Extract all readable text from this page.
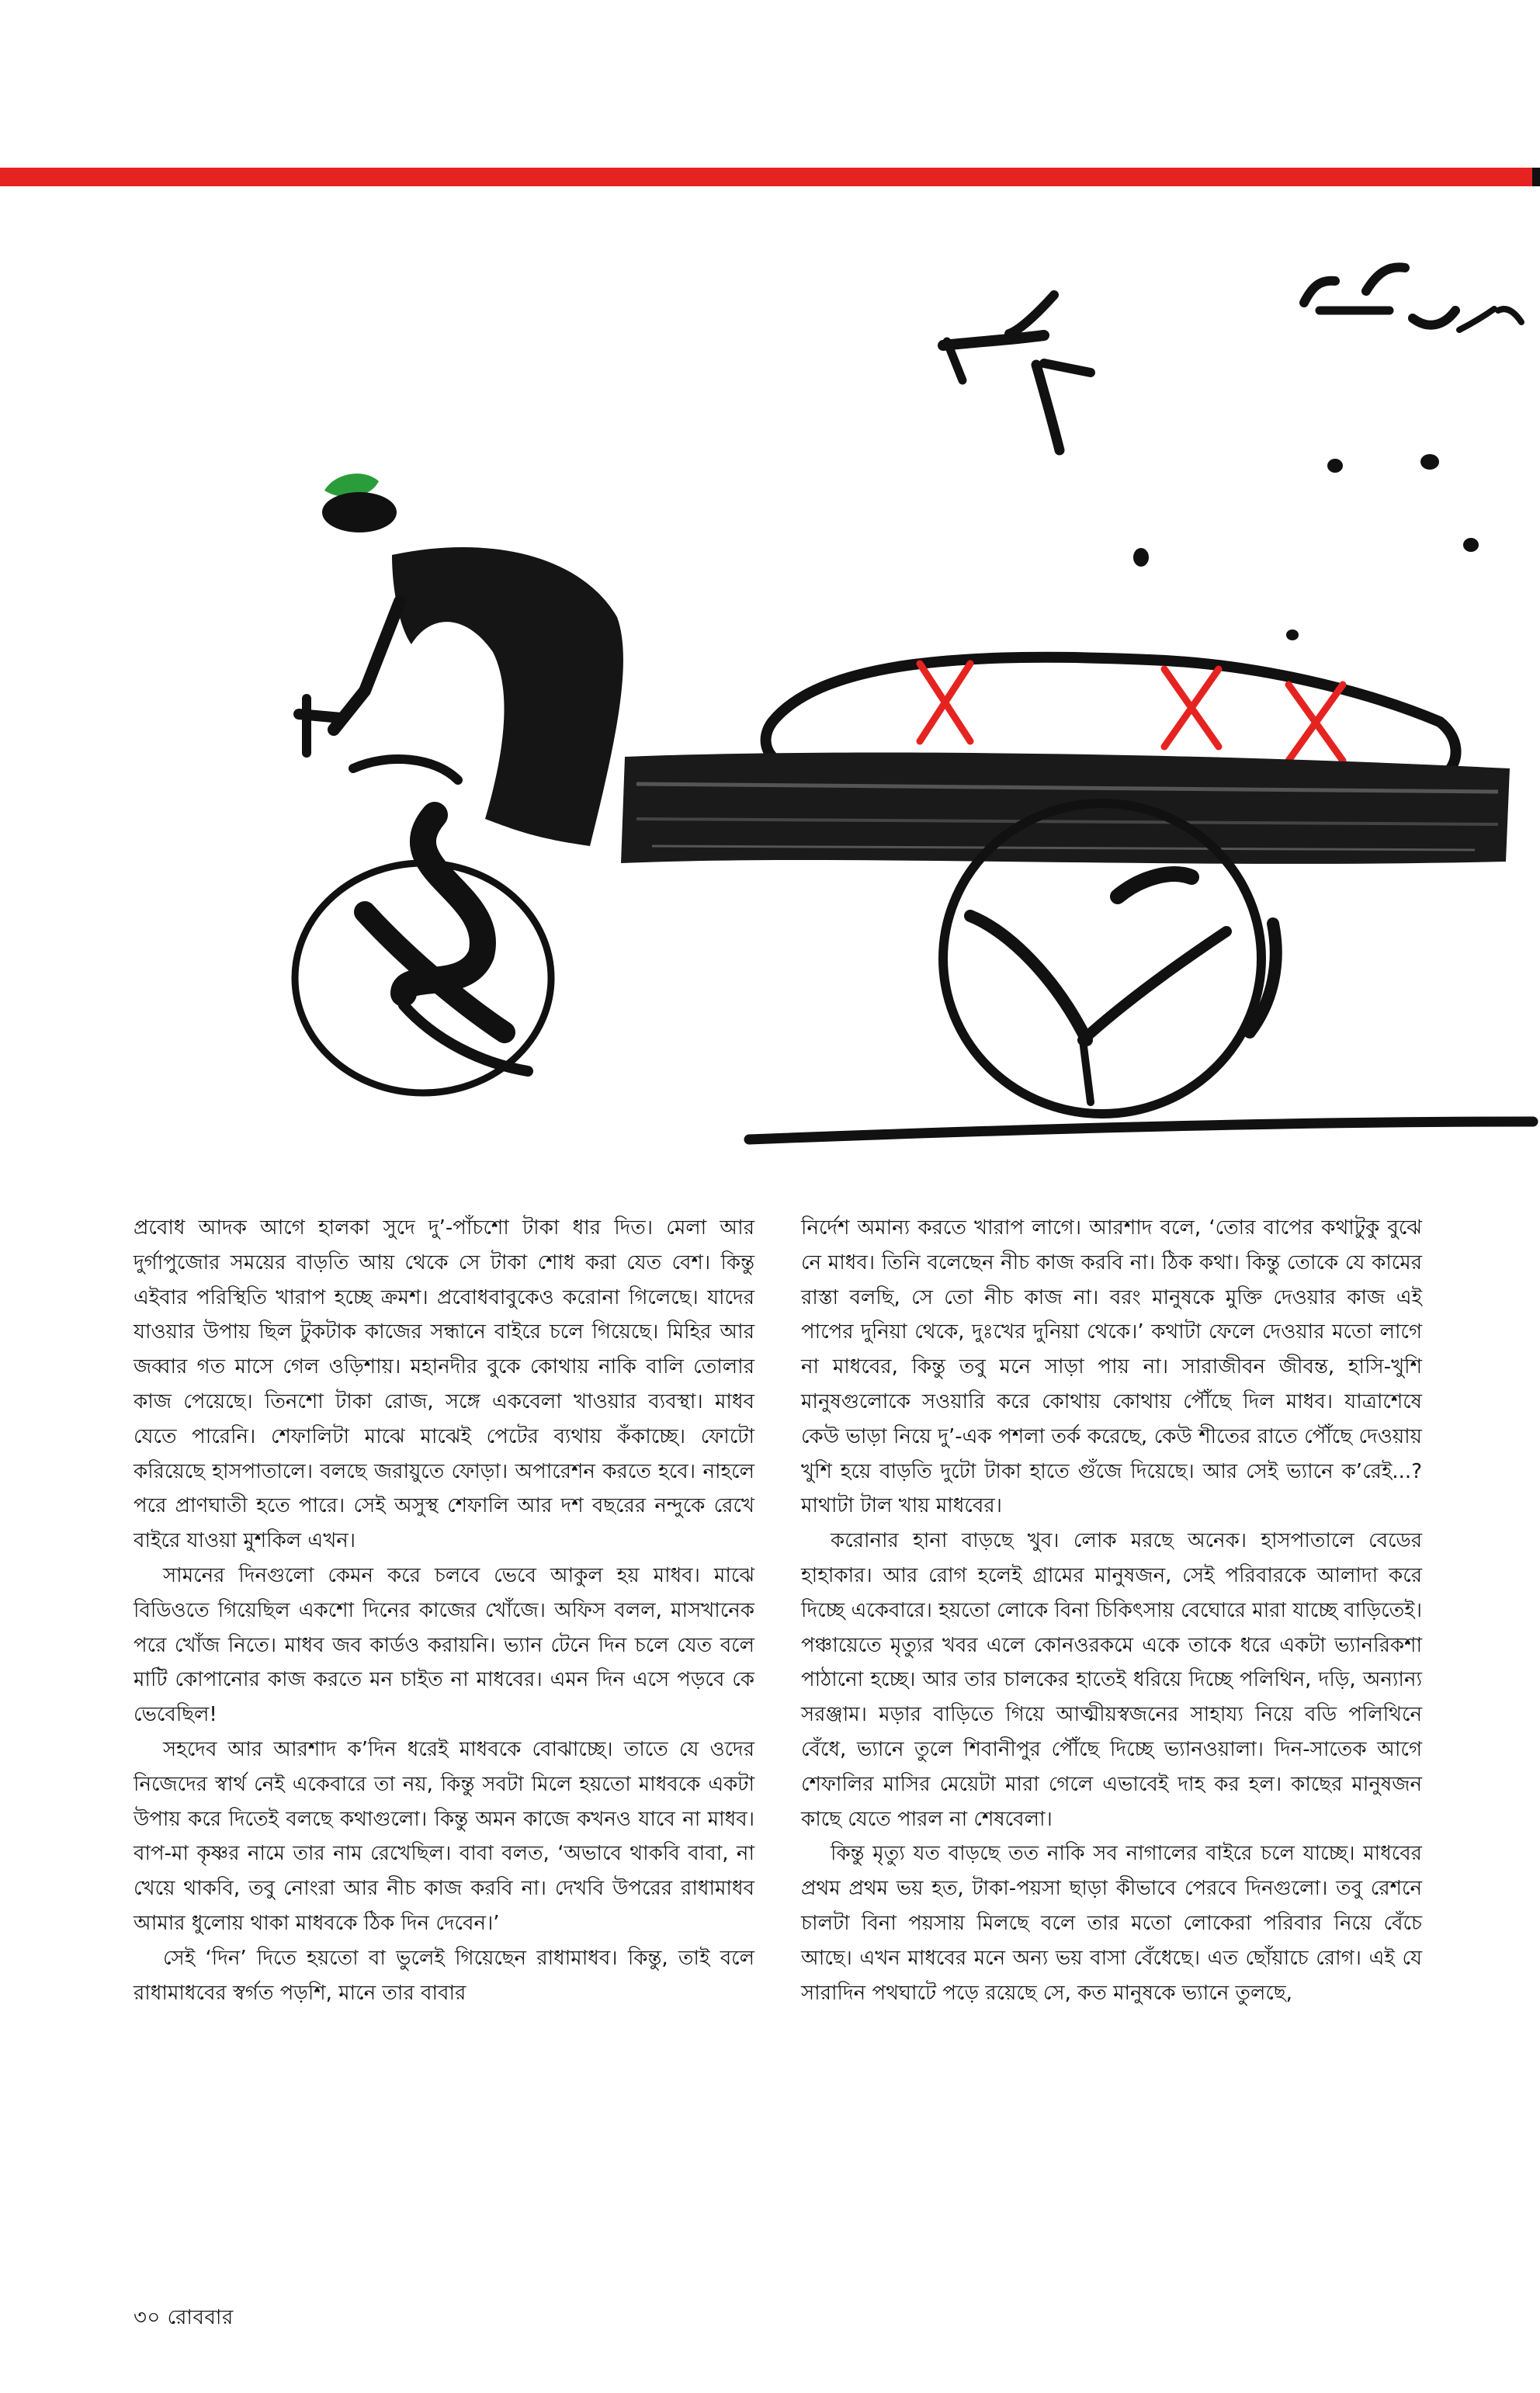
প্রবোধ আদক আগে হালকা সুদে দু’-পাঁচশো টাকা ধার দিত। মেলা আর দুর্গাপুজোর সময়ের বাড়তি আয় থেকে সে টাকা শোধ করা যেত বেশ। কিন্তু এইবার পরিস্থিতি খারাপ হচ্ছে ক্রমশ। প্রবোধবাবুকেও করোনা গিলেছে। যাদের যাওয়ার উপায় ছিল টুকটাক কাজের সন্ধানে বাইরে চলে গিয়েছে। মিহির আর জব্বার গত মাসে গেল ওড়িশায়। মহানদীর বুকে কোথায় নাকি বালি তোলার কাজ পেয়েছে। তিনশো টাকা রোজ, সঙ্গে একবেলা খাওয়ার ব্যবস্থা। মাধব যেতে পারেনি। শেফালিটা মাঝে মাঝেই পেটের ব্যথায় কঁকাচ্ছে। ফোটো করিয়েছে হাসপাতালে। বলছে জরায়ুতে ফোড়া। অপারেশন করতে হবে। নাহলে পরে প্রাণঘাতী হতে পারে। সেই অসুস্থ শেফালি আর দশ বছরের নন্দুকে রেখে বাইরে যাওয়া মুশকিল এখন।

সামনের দিনগুলো কেমন করে চলবে ভেবে আকুল হয় মাধব। মাঝে বিডিওতে গিয়েছিল একশো দিনের কাজের খোঁজে। অফিস বলল, মাসখানেক পরে খোঁজ নিতে। মাধব জব কার্ডও করায়নি। ভ্যান টেনে দিন চলে যেত বলে মাটি কোপানোর কাজ করতে মন চাইত না মাধবের। এমন দিন এসে পড়বে কে ভেবেছিল!

সহদেব আর আরশাদ ক’দিন ধরেই মাধবকে বোঝাচ্ছে। তাতে যে ওদের নিজেদের স্বার্থ নেই একেবারে তা নয়, কিন্তু সবটা মিলে হয়তো মাধবকে একটা উপায় করে দিতেই বলছে কথাগুলো। কিন্তু অমন কাজে কখনও যাবে না মাধব। বাপ-মা কৃষ্ণর নামে তার নাম রেখেছিল। বাবা বলত, ‘অভাবে থাকবি বাবা, না খেয়ে থাকবি, তবু নোংরা আর নীচ কাজ করবি না। দেখবি উপরের রাধামাধব আমার ধুলোয় থাকা মাধবকে ঠিক দিন দেবেন।’

সেই ‘দিন’ দিতে হয়তো বা ভুলেই গিয়েছেন রাধামাধব। কিন্তু, তাই বলে রাধামাধবের স্বর্গত পড়শি, মানে তার বাবার

নির্দেশ অমান্য করতে খারাপ লাগে। আরশাদ বলে, ‘তোর বাপের কথাটুকু বুঝে নে মাধব। তিনি বলেছেন নীচ কাজ করবি না। ঠিক কথা। কিন্তু তোকে যে কামের রাস্তা বলছি, সে তো নীচ কাজ না। বরং মানুষকে মুক্তি দেওয়ার কাজ এই পাপের দুনিয়া থেকে, দুঃখের দুনিয়া থেকে।’ কথাটা ফেলে দেওয়ার মতো লাগে না মাধবের, কিন্তু তবু মনে সাড়া পায় না। সারাজীবন জীবন্ত, হাসি-খুশি মানুষগুলোকে সওয়ারি করে কোথায় কোথায় পৌঁছে দিল মাধব। যাত্রাশেষে কেউ ভাড়া নিয়ে দু’-এক পশলা তর্ক করেছে, কেউ শীতের রাতে পৌঁছে দেওয়ায় খুশি হয়ে বাড়তি দুটো টাকা হাতে গুঁজে দিয়েছে। আর সেই ভ্যানে ক’রেই...? মাথাটা টাল খায় মাধবের।

করোনার হানা বাড়ছে খুব। লোক মরছে অনেক। হাসপাতালে বেডের হাহাকার। আর রোগ হলেই গ্রামের মানুষজন, সেই পরিবারকে আলাদা করে দিচ্ছে একেবারে। হয়তো লোকে বিনা চিকিৎসায় বেঘোরে মারা যাচ্ছে বাড়িতেই। পঞ্চায়েতে মৃত্যুর খবর এলে কোনওরকমে একে তাকে ধরে একটা ভ্যানরিকশা পাঠানো হচ্ছে। আর তার চালকের হাতেই ধরিয়ে দিচ্ছে পলিথিন, দড়ি, অন্যান্য সরঞ্জাম। মড়ার বাড়িতে গিয়ে আত্মীয়স্বজনের সাহায্য নিয়ে বডি পলিথিনে বেঁধে, ভ্যানে তুলে শিবানীপুর পৌঁছে দিচ্ছে ভ্যানওয়ালা। দিন-সাতেক আগে শেফালির মাসির মেয়েটা মারা গেলে এভাবেই দাহ কর হল। কাছের মানুষজন কাছে যেতে পারল না শেষবেলা।

কিন্তু মৃত্যু যত বাড়ছে তত নাকি সব নাগালের বাইরে চলে যাচ্ছে। মাধবের প্রথম প্রথম ভয় হত, টাকা-পয়সা ছাড়া কীভাবে পেরবে দিনগুলো। তবু রেশনে চালটা বিনা পয়সায় মিলছে বলে তার মতো লোকেরা পরিবার নিয়ে বেঁচে আছে। এখন মাধবের মনে অন্য ভয় বাসা বেঁধেছে। এত ছোঁয়াচে রোগ। এই যে সারাদিন পথঘাটে পড়ে রয়েছে সে, কত মানুষকে ভ্যানে তুলছে,

৩০ রোববার
